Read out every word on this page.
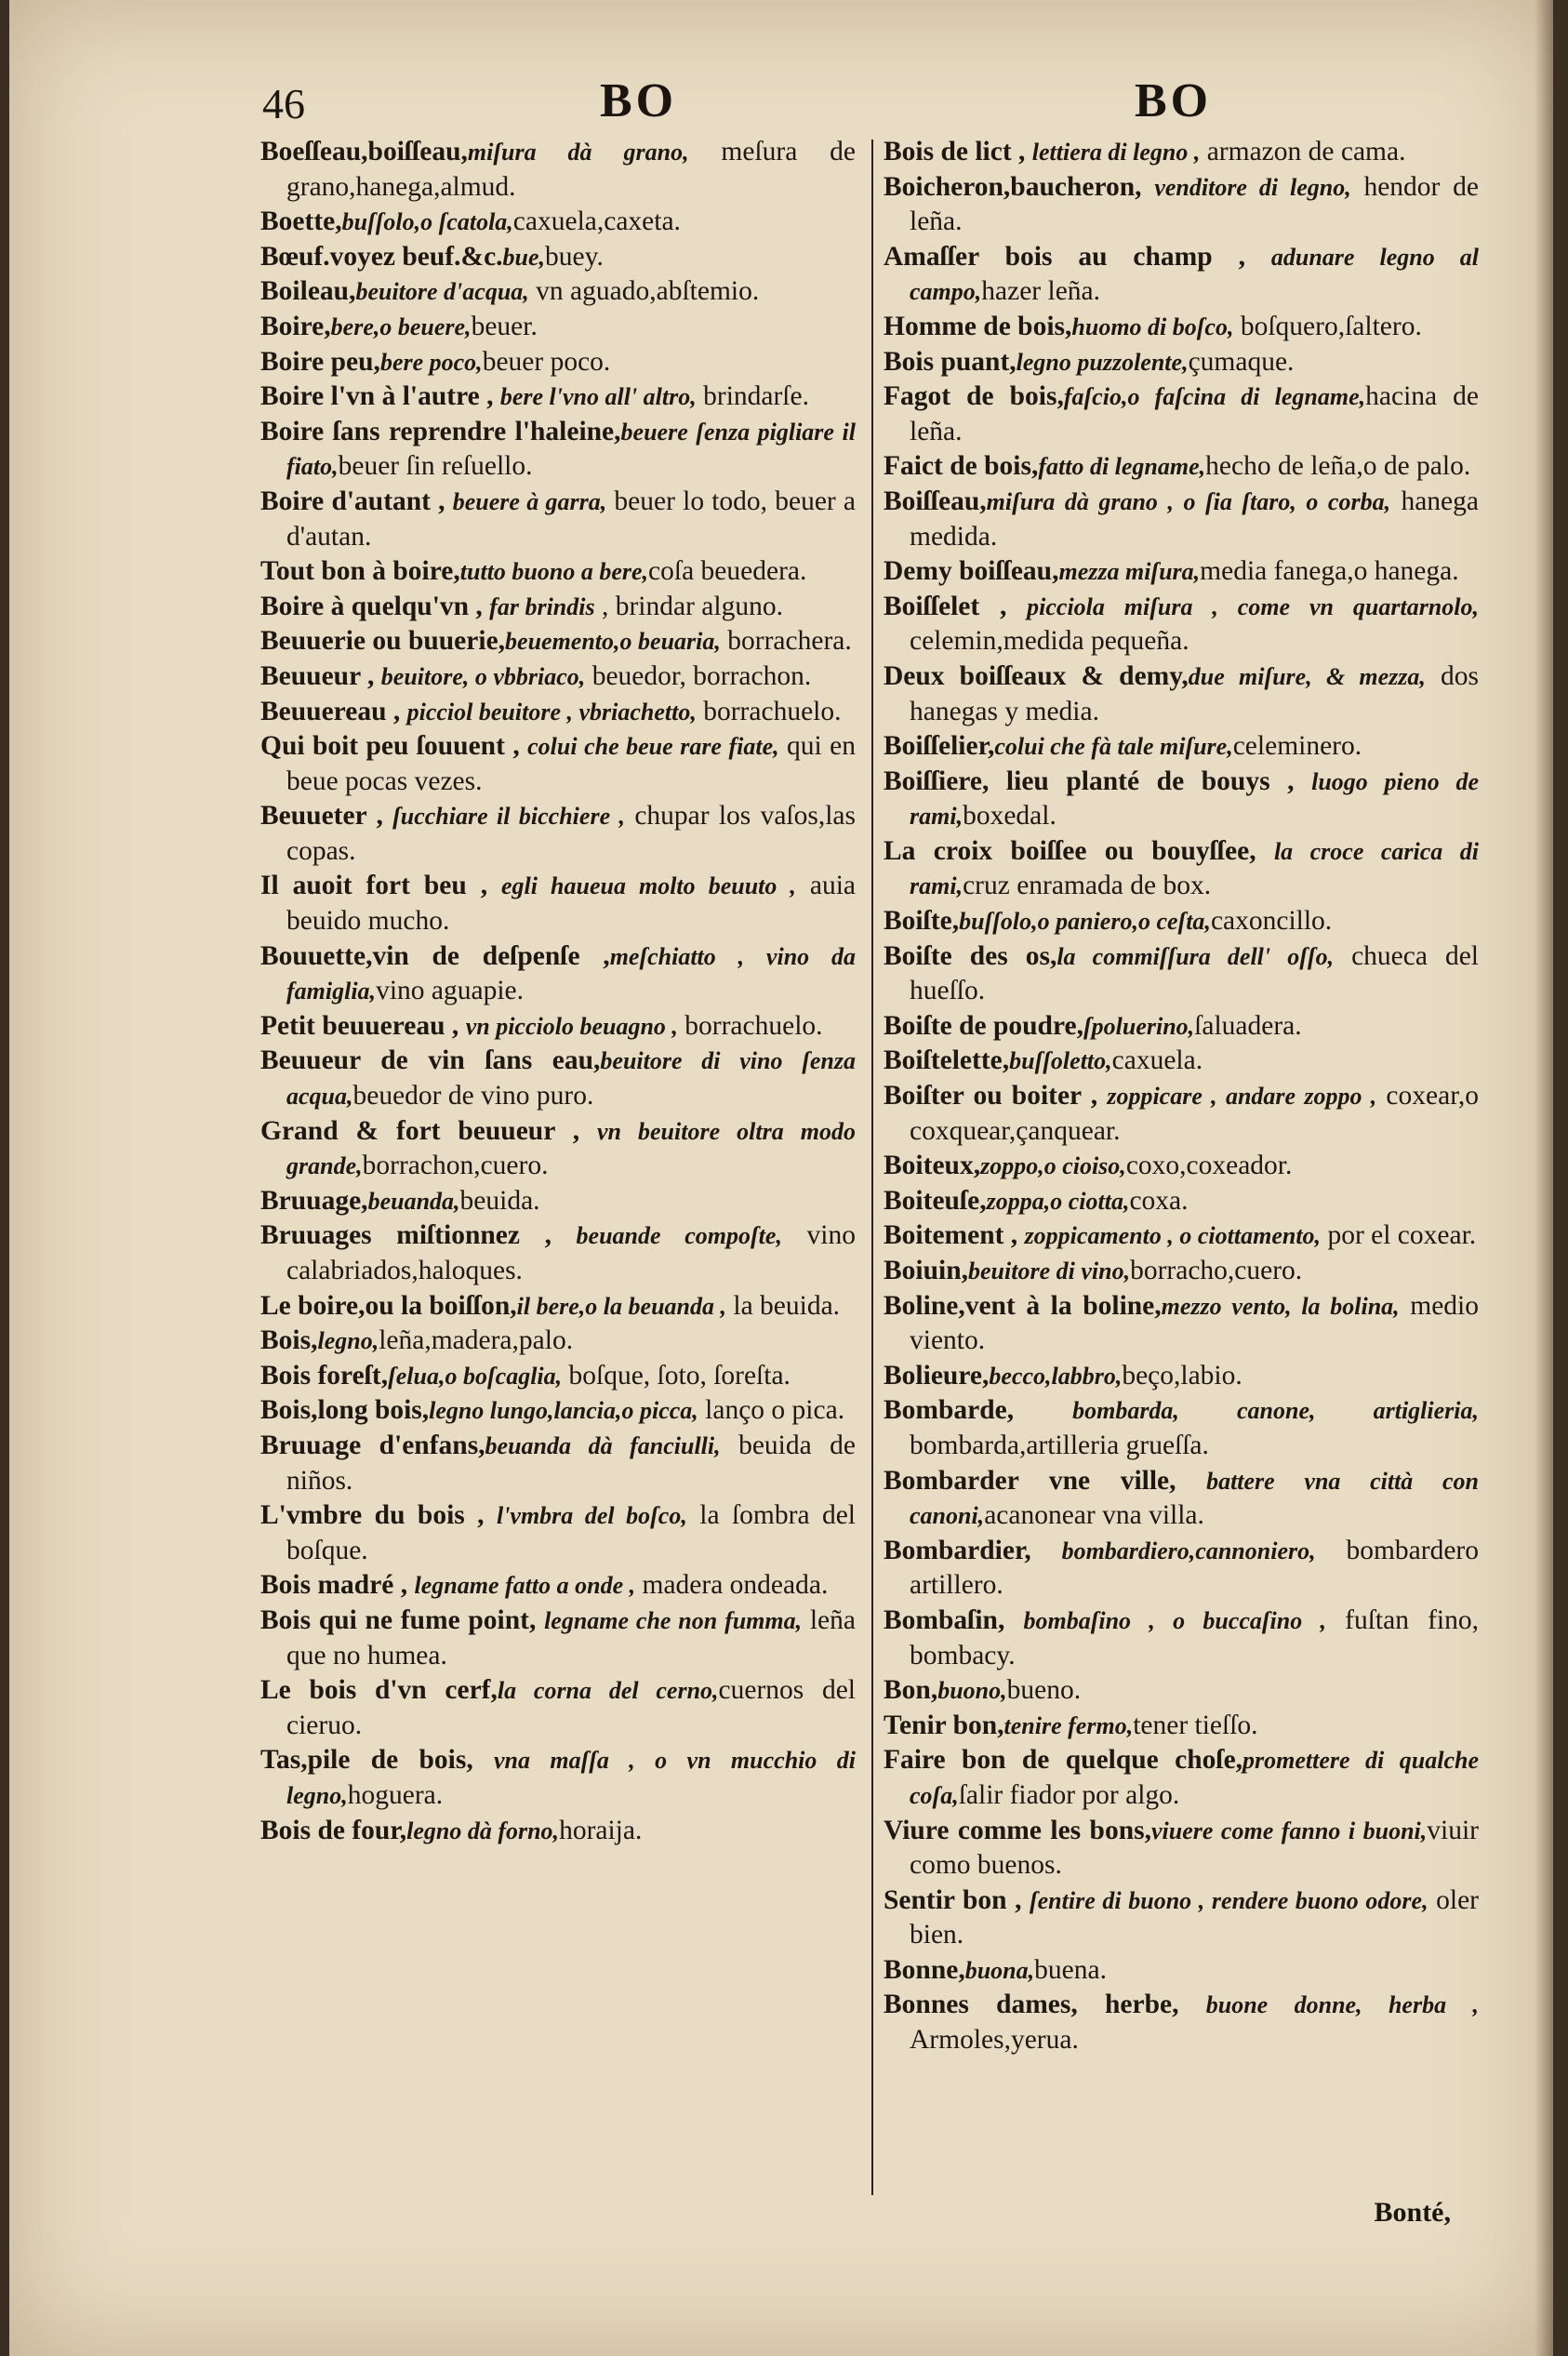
46	BO	BO

Boeſſeau,boiſſeau,miſura dà grano, meſura de grano,hanega,almud.

Boette,buſſolo,o ſcatola,caxuela,caxeta.

Bœuf.voyez beuf.&c.bue,buey.

Boileau,beuitore d'acqua, vn aguado,abſtemio.

Boire,bere,o beuere,beuer.

Boire peu,bere poco,beuer poco.

Boire l'vn à l'autre , bere l'vno all' altro, brindarſe.

Boire ſans reprendre l'haleine,beuere ſenza pigliare il fiato,beuer ſin reſuello.

Boire d'autant , beuere à garra, beuer lo todo, beuer a d'autan.

Tout bon à boire,tutto buono a bere,coſa beuedera.

Boire à quelqu'vn , far brindis , brindar alguno.

Beuuerie ou buuerie,beuemento,o beuaria, borrachera.

Beuueur , beuitore, o vbbriaco, beuedor, borrachon.

Beuuereau , picciol beuitore , vbriachetto, borrachuelo.

Qui boit peu ſouuent , colui che beue rare fiate, qui en beue pocas vezes.

Beuueter , ſucchiare il bicchiere , chupar los vaſos,las copas.

Il auoit fort beu , egli haueua molto beuuto , auia beuido mucho.

Bouuette,vin de deſpenſe ,meſchiatto , vino da famiglia,vino aguapie.

Petit beuuereau , vn picciolo beuagno , borrachuelo.

Beuueur de vin ſans eau,beuitore di vino ſenza acqua,beuedor de vino puro.

Grand & fort beuueur , vn beuitore oltra modo grande,borrachon,cuero.

Bruuage,beuanda,beuida.

Bruuages miſtionnez , beuande compoſte, vino calabriados,haloques.

Le boire,ou la boiſſon,il bere,o la beuanda , la beuida.

Bois,legno,leña,madera,palo.

Bois foreſt,ſelua,o boſcaglia, boſque, ſoto, ſoreſta.

Bois,long bois,legno lungo,lancia,o picca, lanço o pica.

Bruuage d'enfans,beuanda dà fanciulli, beuida de niños.

L'vmbre du bois , l'vmbra del boſco, la ſombra del boſque.

Bois madré , legname fatto a onde , madera ondeada.

Bois qui ne fume point, legname che non fumma, leña que no humea.

Le bois d'vn cerf,la corna del cerno,cuernos del cieruo.

Tas,pile de bois, vna maſſa , o vn mucchio di legno,hoguera.

Bois de four,legno dà forno,horaija.

Bois de lict , lettiera di legno , armazon de cama.

Boicheron,baucheron, venditore di legno, hendor de leña.

Amaſſer bois au champ , adunare legno al campo,hazer leña.

Homme de bois,huomo di boſco, boſquero,ſaltero.

Bois puant,legno puzzolente,çumaque.

Fagot de bois,faſcio,o faſcina di legname,hacina de leña.

Faict de bois,fatto di legname,hecho de leña,o de palo.

Boiſſeau,miſura dà grano , o ſia ſtaro, o corba, hanega medida.

Demy boiſſeau,mezza miſura,media fanega,o hanega.

Boiſſelet , picciola miſura , come vn quartarnolo, celemin,medida pequeña.

Deux boiſſeaux & demy,due miſure, & mezza, dos hanegas y media.

Boiſſelier,colui che fà tale miſure,celeminero.

Boiſſiere, lieu planté de bouys , luogo pieno de rami,boxedal.

La croix boiſſee ou bouyſſee, la croce carica di rami,cruz enramada de box.

Boiſte,buſſolo,o paniero,o ceſta,caxoncillo.

Boiſte des os,la commiſſura dell' oſſo, chueca del hueſſo.

Boiſte de poudre,ſpoluerino,ſaluadera.

Boiſtelette,buſſoletto,caxuela.

Boiſter ou boiter , zoppicare , andare zoppo , coxear,o coxquear,çanquear.

Boiteux,zoppo,o cioiso,coxo,coxeador.

Boiteuſe,zoppa,o ciotta,coxa.

Boitement , zoppicamento , o ciottamento, por el coxear.

Boiuin,beuitore di vino,borracho,cuero.

Boline,vent à la boline,mezzo vento, la bolina, medio viento.

Bolieure,becco,labbro,beço,labio.

Bombarde, bombarda, canone, artiglieria, bombarda,artilleria grueſſa.

Bombarder vne ville, battere vna città con canoni,acanonear vna villa.

Bombardier, bombardiero,cannoniero, bombardero artillero.

Bombaſin, bombaſino , o buccaſino , fuſtan fino, bombacy.

Bon,buono,bueno.

Tenir bon,tenire fermo,tener tieſſo.

Faire bon de quelque choſe,promettere di qualche coſa,ſalir fiador por algo.

Viure comme les bons,viuere come fanno i buoni,viuir como buenos.

Sentir bon , ſentire di buono , rendere buono odore, oler bien.

Bonne,buona,buena.

Bonnes dames, herbe, buone donne, herba , Armoles,yerua.

Bonté,
